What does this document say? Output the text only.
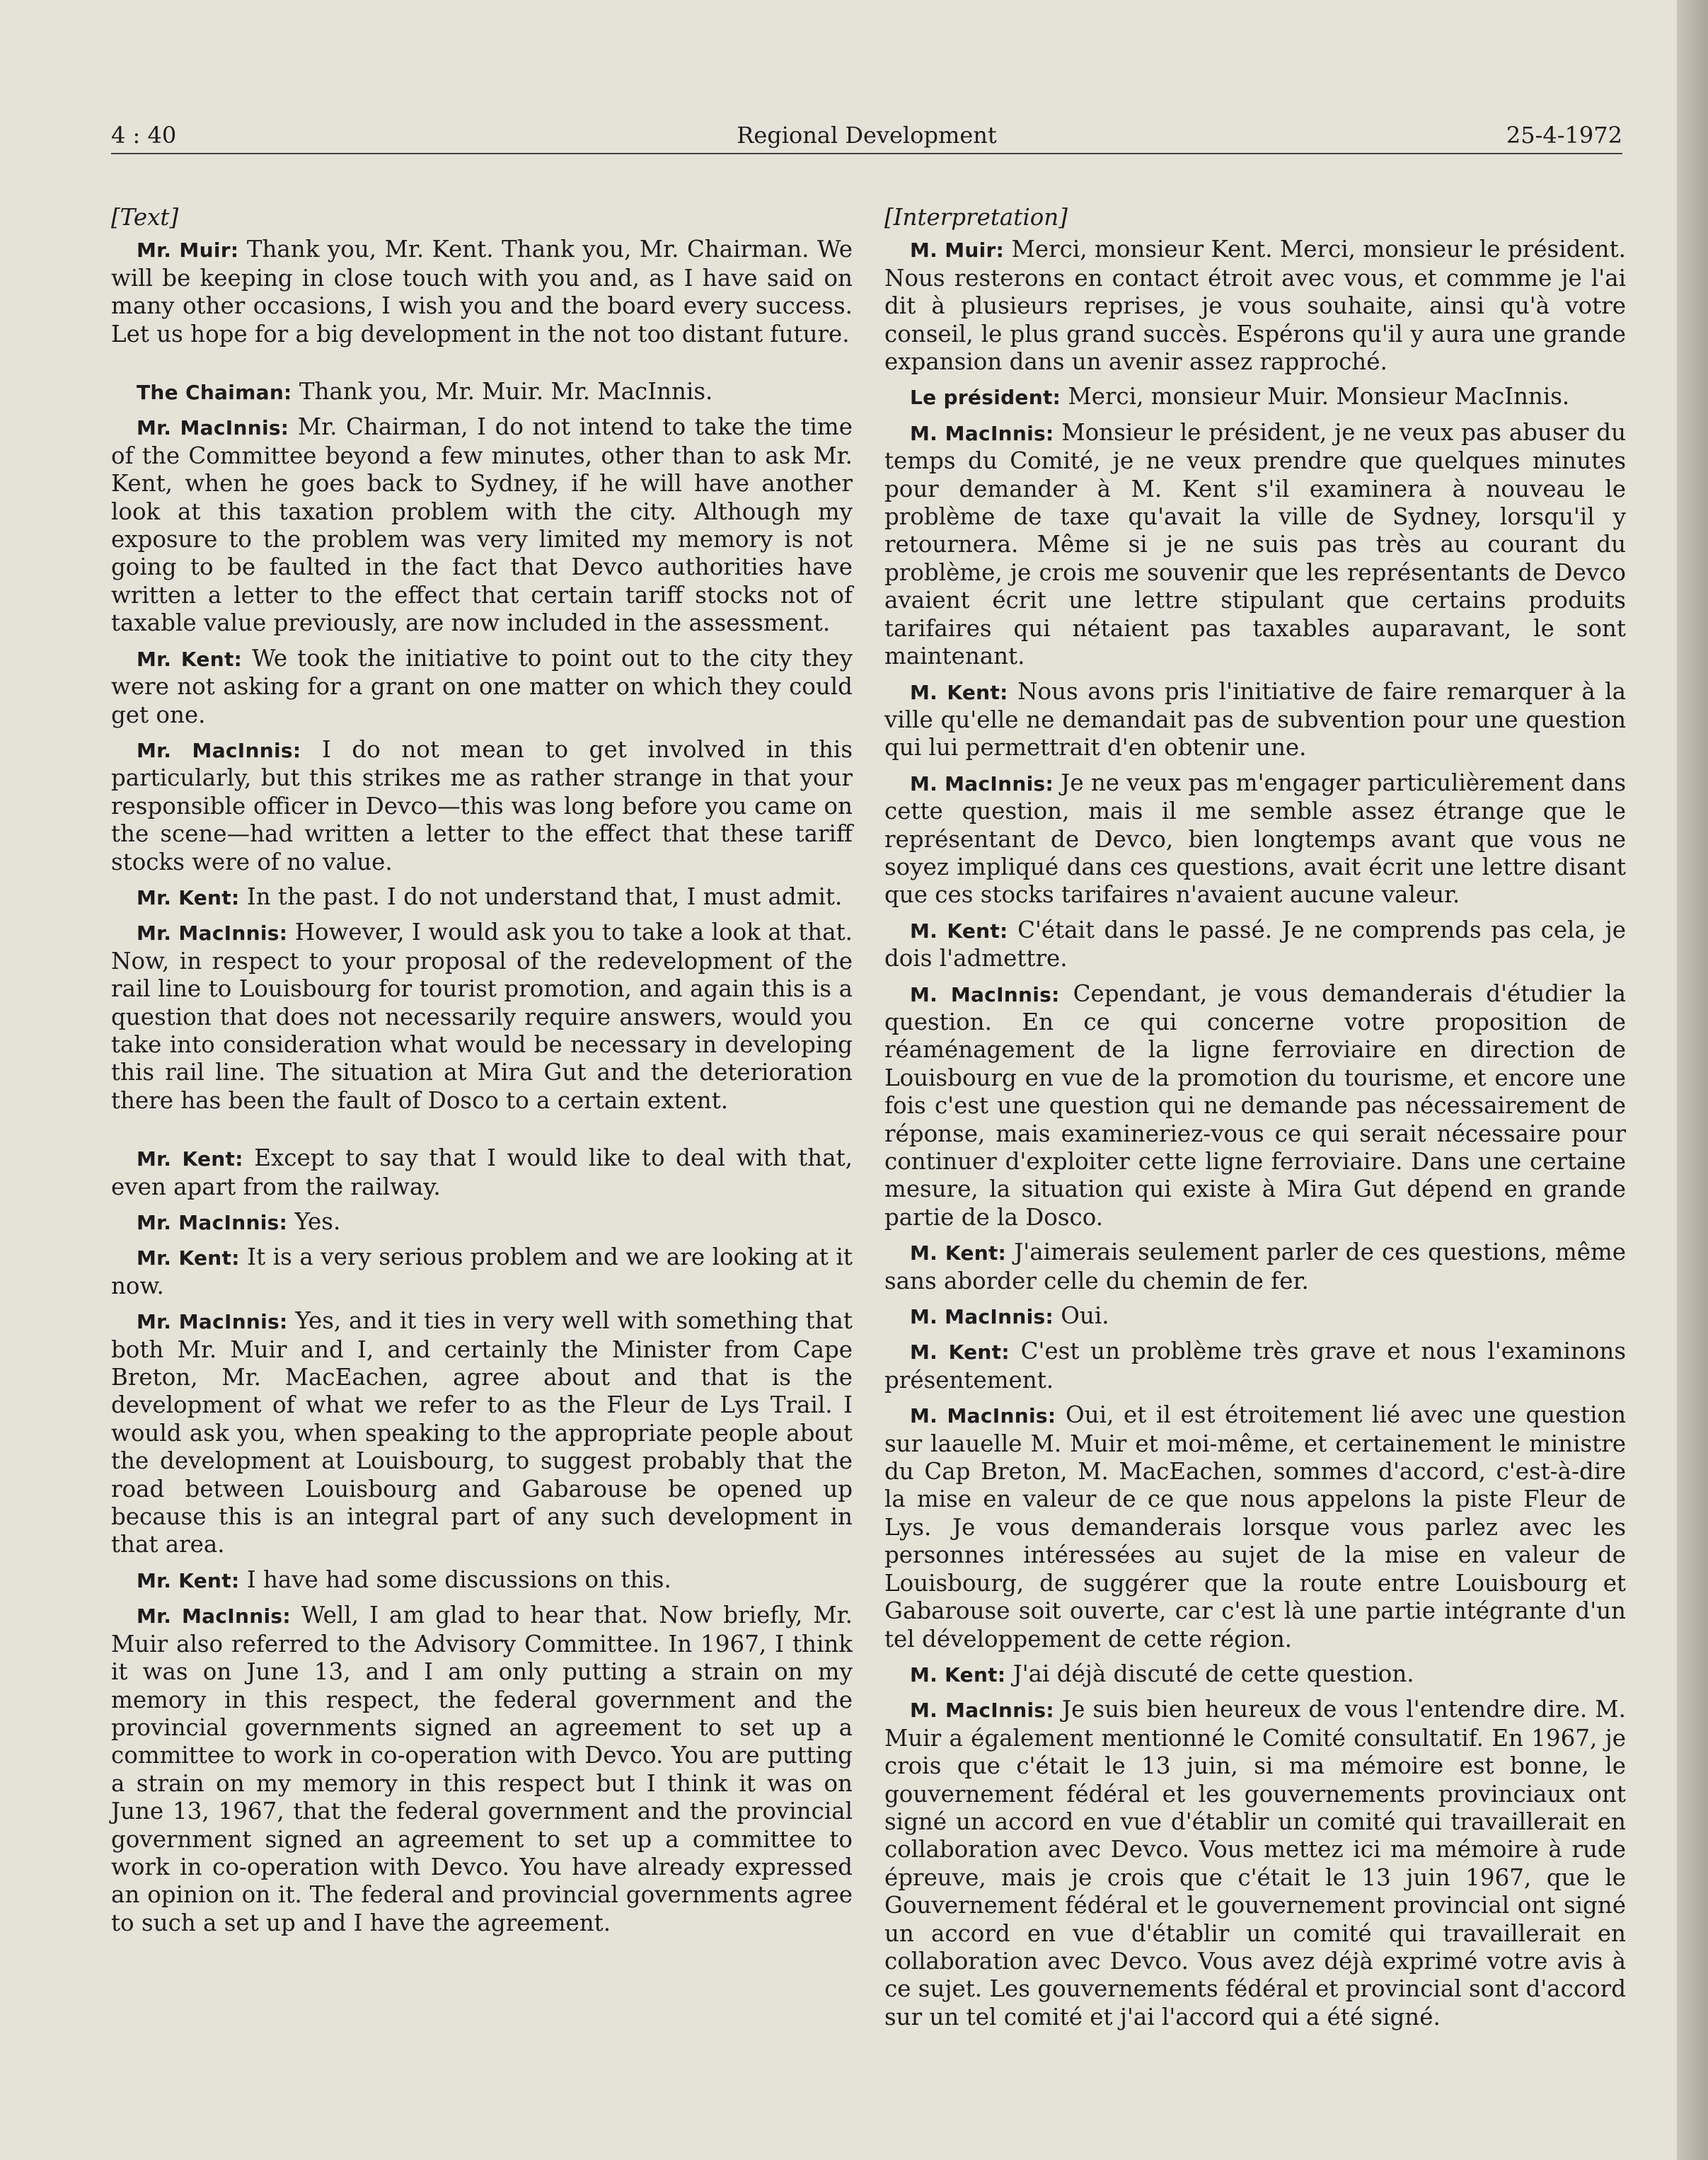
4 : 40	Regional Development	25-4-1972

[Text]

Mr. Muir: Thank you, Mr. Kent. Thank you, Mr. Chairman. We will be keeping in close touch with you and, as I have said on many other occasions, I wish you and the board every success. Let us hope for a big development in the not too distant future.

The Chaiman: Thank you, Mr. Muir. Mr. MacInnis.

Mr. MacInnis: Mr. Chairman, I do not intend to take the time of the Committee beyond a few minutes, other than to ask Mr. Kent, when he goes back to Sydney, if he will have another look at this taxation problem with the city. Although my exposure to the problem was very limited my memory is not going to be faulted in the fact that Devco authorities have written a letter to the effect that certain tariff stocks not of taxable value previously, are now included in the assessment.

Mr. Kent: We took the initiative to point out to the city they were not asking for a grant on one matter on which they could get one.

Mr. MacInnis: I do not mean to get involved in this particularly, but this strikes me as rather strange in that your responsible officer in Devco—this was long before you came on the scene—had written a letter to the effect that these tariff stocks were of no value.

Mr. Kent: In the past. I do not understand that, I must admit.

Mr. MacInnis: However, I would ask you to take a look at that. Now, in respect to your proposal of the redevelopment of the rail line to Louisbourg for tourist promotion, and again this is a question that does not necessarily require answers, would you take into consideration what would be necessary in developing this rail line. The situation at Mira Gut and the deterioration there has been the fault of Dosco to a certain extent.

Mr. Kent: Except to say that I would like to deal with that, even apart from the railway.

Mr. MacInnis: Yes.

Mr. Kent: It is a very serious problem and we are looking at it now.

Mr. MacInnis: Yes, and it ties in very well with something that both Mr. Muir and I, and certainly the Minister from Cape Breton, Mr. MacEachen, agree about and that is the development of what we refer to as the Fleur de Lys Trail. I would ask you, when speaking to the appropriate people about the development at Louisbourg, to suggest probably that the road between Louisbourg and Gabarouse be opened up because this is an integral part of any such development in that area.

Mr. Kent: I have had some discussions on this.

Mr. MacInnis: Well, I am glad to hear that. Now briefly, Mr. Muir also referred to the Advisory Committee. In 1967, I think it was on June 13, and I am only putting a strain on my memory in this respect, the federal government and the provincial governments signed an agreement to set up a committee to work in co-operation with Devco. You are putting a strain on my memory in this respect but I think it was on June 13, 1967, that the federal government and the provincial government signed an agreement to set up a committee to work in co-operation with Devco. You have already expressed an opinion on it. The federal and provincial governments agree to such a set up and I have the agreement.

[Interpretation]

M. Muir: Merci, monsieur Kent. Merci, monsieur le président. Nous resterons en contact étroit avec vous, et commme je l'ai dit à plusieurs reprises, je vous souhaite, ainsi qu'à votre conseil, le plus grand succès. Espérons qu'il y aura une grande expansion dans un avenir assez rapproché.

Le président: Merci, monsieur Muir. Monsieur MacInnis.

M. MacInnis: Monsieur le président, je ne veux pas abuser du temps du Comité, je ne veux prendre que quelques minutes pour demander à M. Kent s'il examinera à nouveau le problème de taxe qu'avait la ville de Sydney, lorsqu'il y retournera. Même si je ne suis pas très au courant du problème, je crois me souvenir que les représentants de Devco avaient écrit une lettre stipulant que certains produits tarifaires qui nétaient pas taxables auparavant, le sont maintenant.

M. Kent: Nous avons pris l'initiative de faire remarquer à la ville qu'elle ne demandait pas de subvention pour une question qui lui permettrait d'en obtenir une.

M. MacInnis: Je ne veux pas m'engager particulièrement dans cette question, mais il me semble assez étrange que le représentant de Devco, bien longtemps avant que vous ne soyez impliqué dans ces questions, avait écrit une lettre disant que ces stocks tarifaires n'avaient aucune valeur.

M. Kent: C'était dans le passé. Je ne comprends pas cela, je dois l'admettre.

M. MacInnis: Cependant, je vous demanderais d'étudier la question. En ce qui concerne votre proposition de réaménagement de la ligne ferroviaire en direction de Louisbourg en vue de la promotion du tourisme, et encore une fois c'est une question qui ne demande pas nécessairement de réponse, mais examineriez-vous ce qui serait nécessaire pour continuer d'exploiter cette ligne ferroviaire. Dans une certaine mesure, la situation qui existe à Mira Gut dépend en grande partie de la Dosco.

M. Kent: J'aimerais seulement parler de ces questions, même sans aborder celle du chemin de fer.

M. MacInnis: Oui.

M. Kent: C'est un problème très grave et nous l'examinons présentement.

M. MacInnis: Oui, et il est étroitement lié avec une question sur laauelle M. Muir et moi-même, et certainement le ministre du Cap Breton, M. MacEachen, sommes d'accord, c'est-à-dire la mise en valeur de ce que nous appelons la piste Fleur de Lys. Je vous demanderais lorsque vous parlez avec les personnes intéressées au sujet de la mise en valeur de Louisbourg, de suggérer que la route entre Louisbourg et Gabarouse soit ouverte, car c'est là une partie intégrante d'un tel développement de cette région.

M. Kent: J'ai déjà discuté de cette question.

M. MacInnis: Je suis bien heureux de vous l'entendre dire. M. Muir a également mentionné le Comité consultatif. En 1967, je crois que c'était le 13 juin, si ma mémoire est bonne, le gouvernement fédéral et les gouvernements provinciaux ont signé un accord en vue d'établir un comité qui travaillerait en collaboration avec Devco. Vous mettez ici ma mémoire à rude épreuve, mais je crois que c'était le 13 juin 1967, que le Gouvernement fédéral et le gouvernement provincial ont signé un accord en vue d'établir un comité qui travaillerait en collaboration avec Devco. Vous avez déjà exprimé votre avis à ce sujet. Les gouvernements fédéral et provincial sont d'accord sur un tel comité et j'ai l'accord qui a été signé.
